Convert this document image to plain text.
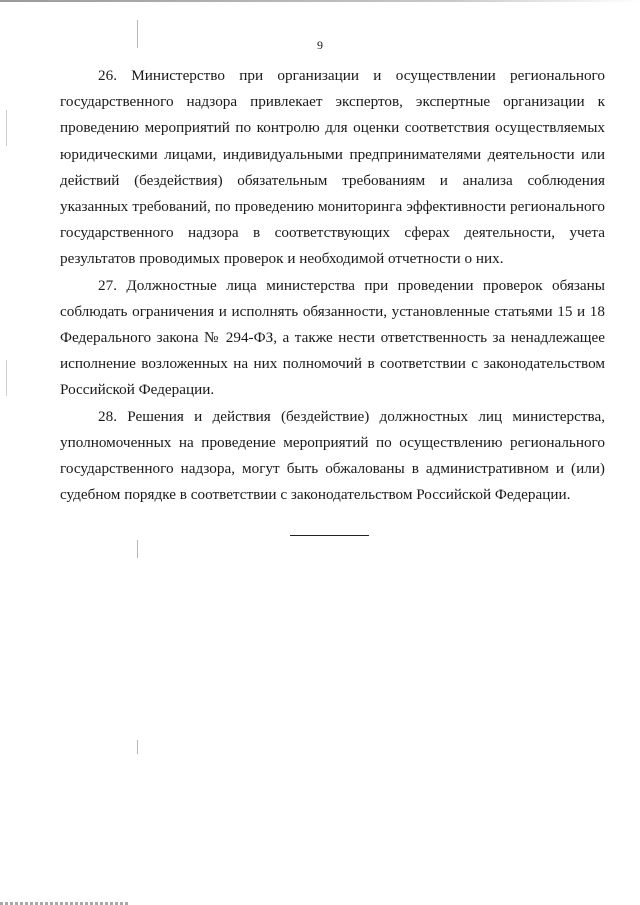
9

26. Министерство при организации и осуществлении регионального государственного надзора привлекает экспертов, экспертные организации к проведению мероприятий по контролю для оценки соответствия осуществляемых юридическими лицами, индивидуальными предпринимателями деятельности или действий (бездействия) обязательным требованиям и анализа соблюдения указанных требований, по проведению мониторинга эффективности регионального государственного надзора в соответствующих сферах деятельности, учета результатов проводимых проверок и необходимой отчетности о них.

27. Должностные лица министерства при проведении проверок обязаны соблюдать ограничения и исполнять обязанности, установленные статьями 15 и 18 Федерального закона № 294-ФЗ, а также нести ответственность за ненадлежащее исполнение возложенных на них полномочий в соответствии с законодательством Российской Федерации.

28. Решения и действия (бездействие) должностных лиц министерства, уполномоченных на проведение мероприятий по осуществлению регионального государственного надзора, могут быть обжалованы в административном и (или) судебном порядке в соответствии с законодательством Российской Федерации.
